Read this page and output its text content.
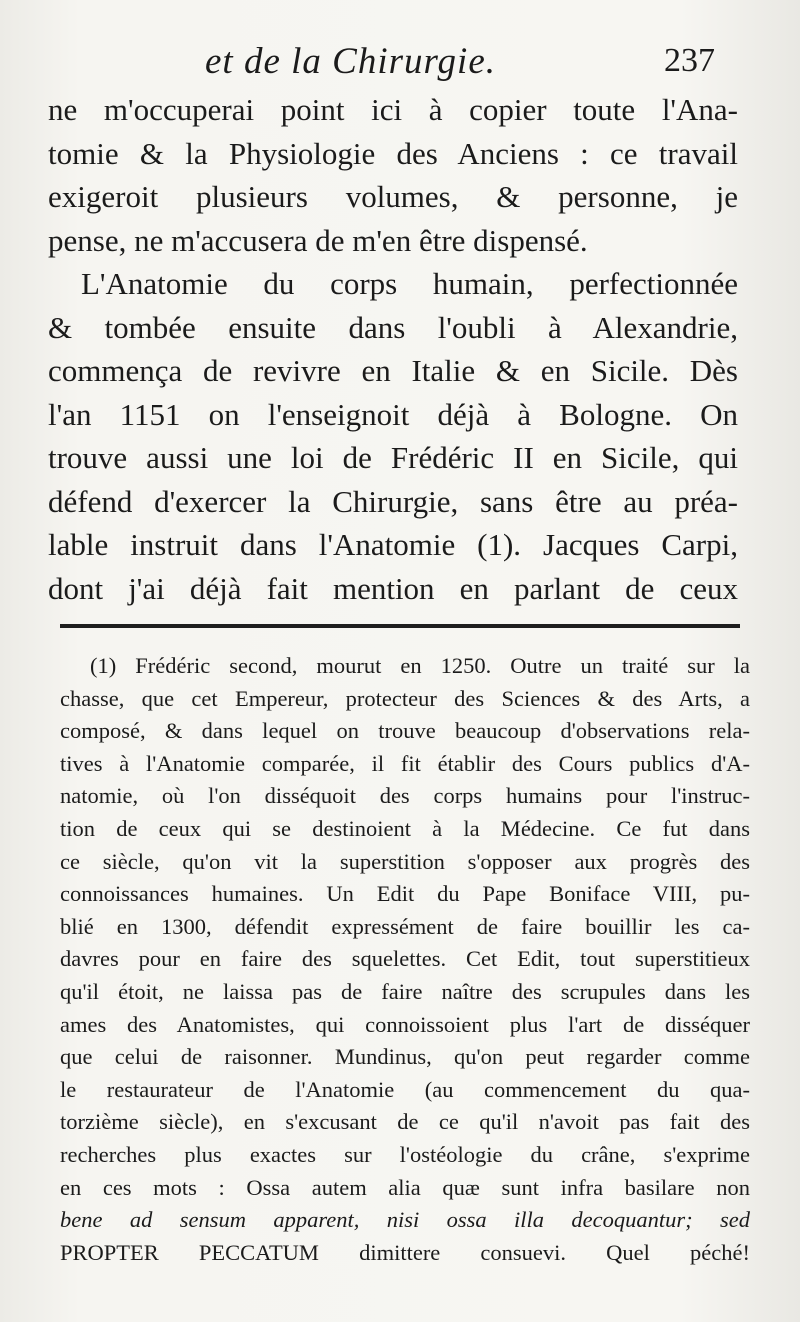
et de la Chirurgie.	237
ne m'occuperai point ici à copier toute l'Ana-
tomie & la Physiologie des Anciens : ce travail
exigeroit plusieurs volumes, & personne, je
pense, ne m'accusera de m'en être dispensé.
L'Anatomie du corps humain, perfectionnée
& tombée ensuite dans l'oubli à Alexandrie,
commença de revivre en Italie & en Sicile. Dès
l'an 1151 on l'enseignoit déjà à Bologne. On
trouve aussi une loi de Frédéric II en Sicile, qui
défend d'exercer la Chirurgie, sans être au préa-
lable instruit dans l'Anatomie (1). Jacques Carpi,
dont j'ai déjà fait mention en parlant de ceux
(1) Frédéric second, mourut en 1250. Outre un traité sur la
chasse, que cet Empereur, protecteur des Sciences & des Arts, a
composé, & dans lequel on trouve beaucoup d'observations rela-
tives à l'Anatomie comparée, il fit établir des Cours publics d'A-
natomie, où l'on disséquoit des corps humains pour l'instruc-
tion de ceux qui se destinoient à la Médecine. Ce fut dans
ce siècle, qu'on vit la superstition s'opposer aux progrès des
connoissances humaines. Un Edit du Pape Boniface VIII, pu-
blié en 1300, défendit expressément de faire bouillir les ca-
davres pour en faire des squelettes. Cet Edit, tout superstitieux
qu'il étoit, ne laissa pas de faire naître des scrupules dans les
ames des Anatomistes, qui connoissoient plus l'art de disséquer
que celui de raisonner. Mundinus, qu'on peut regarder comme
le restaurateur de l'Anatomie (au commencement du qua-
torzième siècle), en s'excusant de ce qu'il n'avoit pas fait des
recherches plus exactes sur l'ostéologie du crâne, s'exprime
en ces mots : Ossa autem alia quæ sunt infra basilare non
bene ad sensum apparent, nisi ossa illa decoquantur; sed
PROPTER PECCATUM dimittere consuevi. Quel péché!
